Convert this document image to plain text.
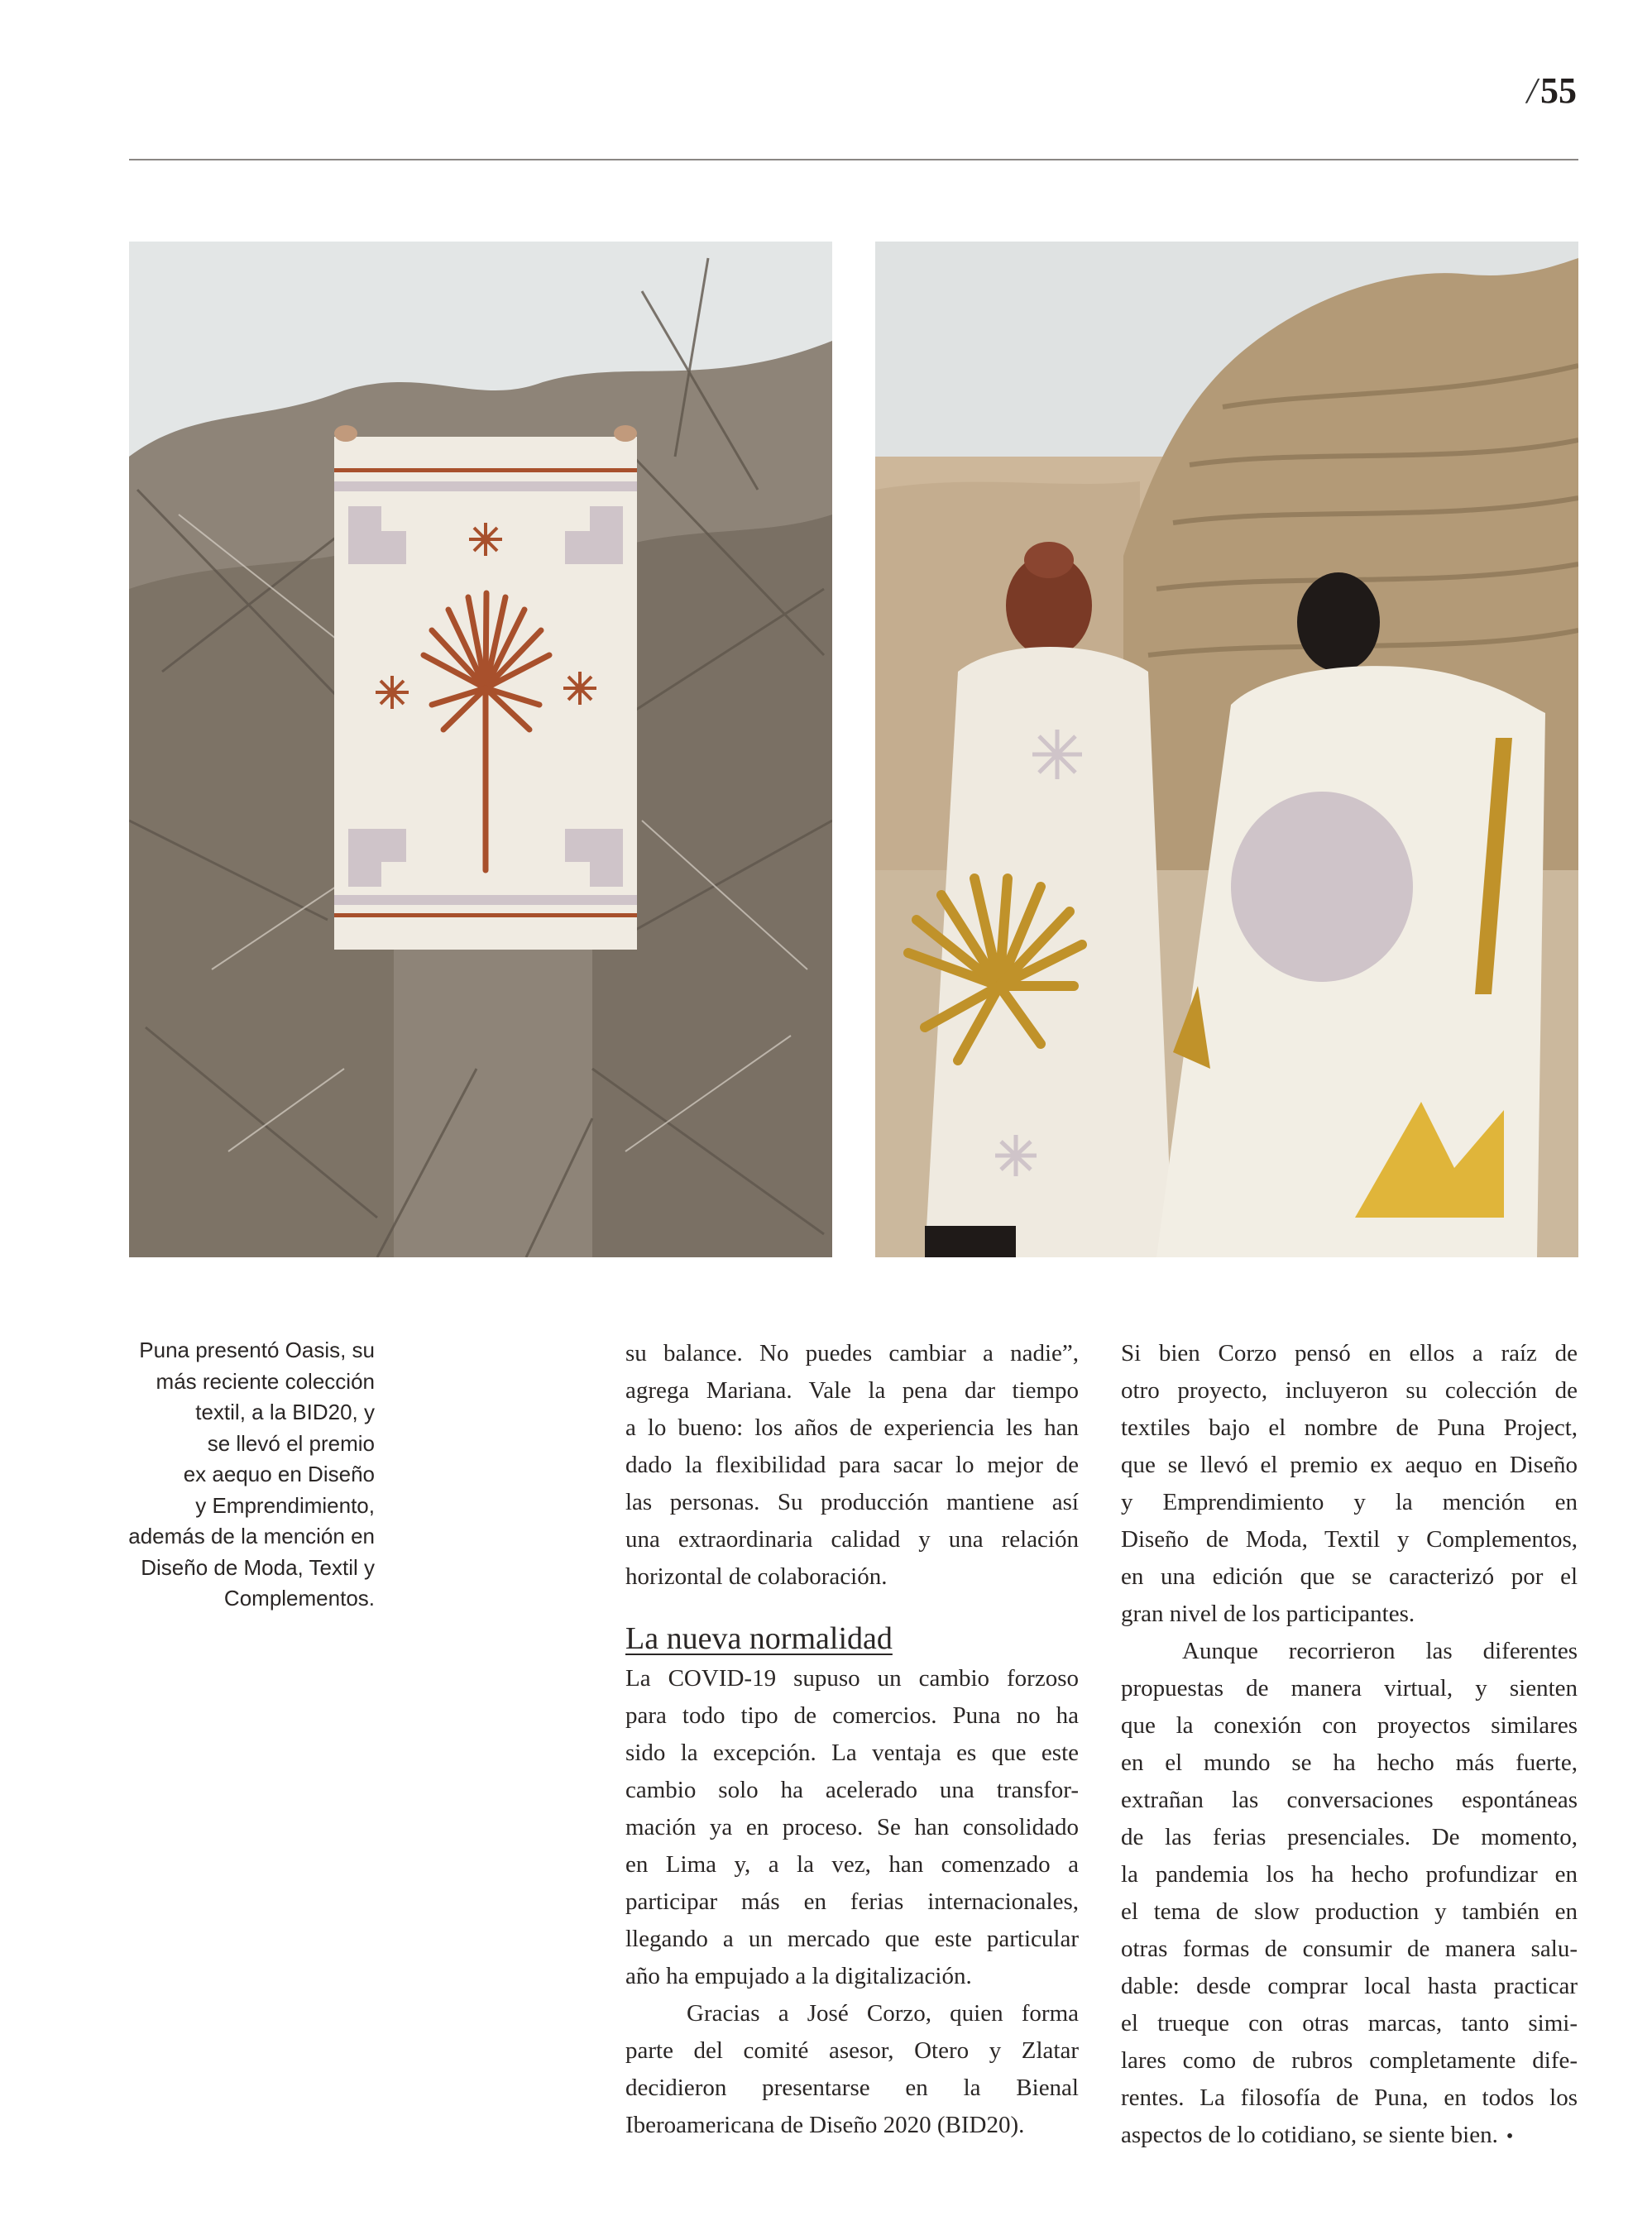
/55
Puna presentó Oasis, su
más reciente colección
textil, a la BID20, y
se llevó el premio
ex aequo en Diseño
y Emprendimiento,
además de la mención en
Diseño de Moda, Textil y
Complementos.
su balance. No puedes cambiar a nadie”,
agrega Mariana. Vale la pena dar tiempo
a lo bueno: los años de experiencia les han
dado la flexibilidad para sacar lo mejor de
las personas. Su producción mantiene así
una extraordinaria calidad y una relación
horizontal de colaboración.
La nueva normalidad
La COVID-19 supuso un cambio forzoso
para todo tipo de comercios. Puna no ha
sido la excepción. La ventaja es que este
cambio solo ha acelerado una transfor-
mación ya en proceso. Se han consolidado
en Lima y, a la vez, han comenzado a
participar más en ferias internacionales,
llegando a un mercado que este particular
año ha empujado a la digitalización.
Gracias a José Corzo, quien forma
parte del comité asesor, Otero y Zlatar
decidieron presentarse en la Bienal
Iberoamericana de Diseño 2020 (BID20).
Si bien Corzo pensó en ellos a raíz de
otro proyecto, incluyeron su colección de
textiles bajo el nombre de Puna Project,
que se llevó el premio ex aequo en Diseño
y Emprendimiento y la mención en
Diseño de Moda, Textil y Complementos,
en una edición que se caracterizó por el
gran nivel de los participantes.
Aunque recorrieron las diferentes
propuestas de manera virtual, y sienten
que la conexión con proyectos similares
en el mundo se ha hecho más fuerte,
extrañan las conversaciones espontáneas
de las ferias presenciales. De momento,
la pandemia los ha hecho profundizar en
el tema de slow production y también en
otras formas de consumir de manera salu-
dable: desde comprar local hasta practicar
el trueque con otras marcas, tanto simi-
lares como de rubros completamente dife-
rentes. La filosofía de Puna, en todos los
aspectos de lo cotidiano, se siente bien. •
